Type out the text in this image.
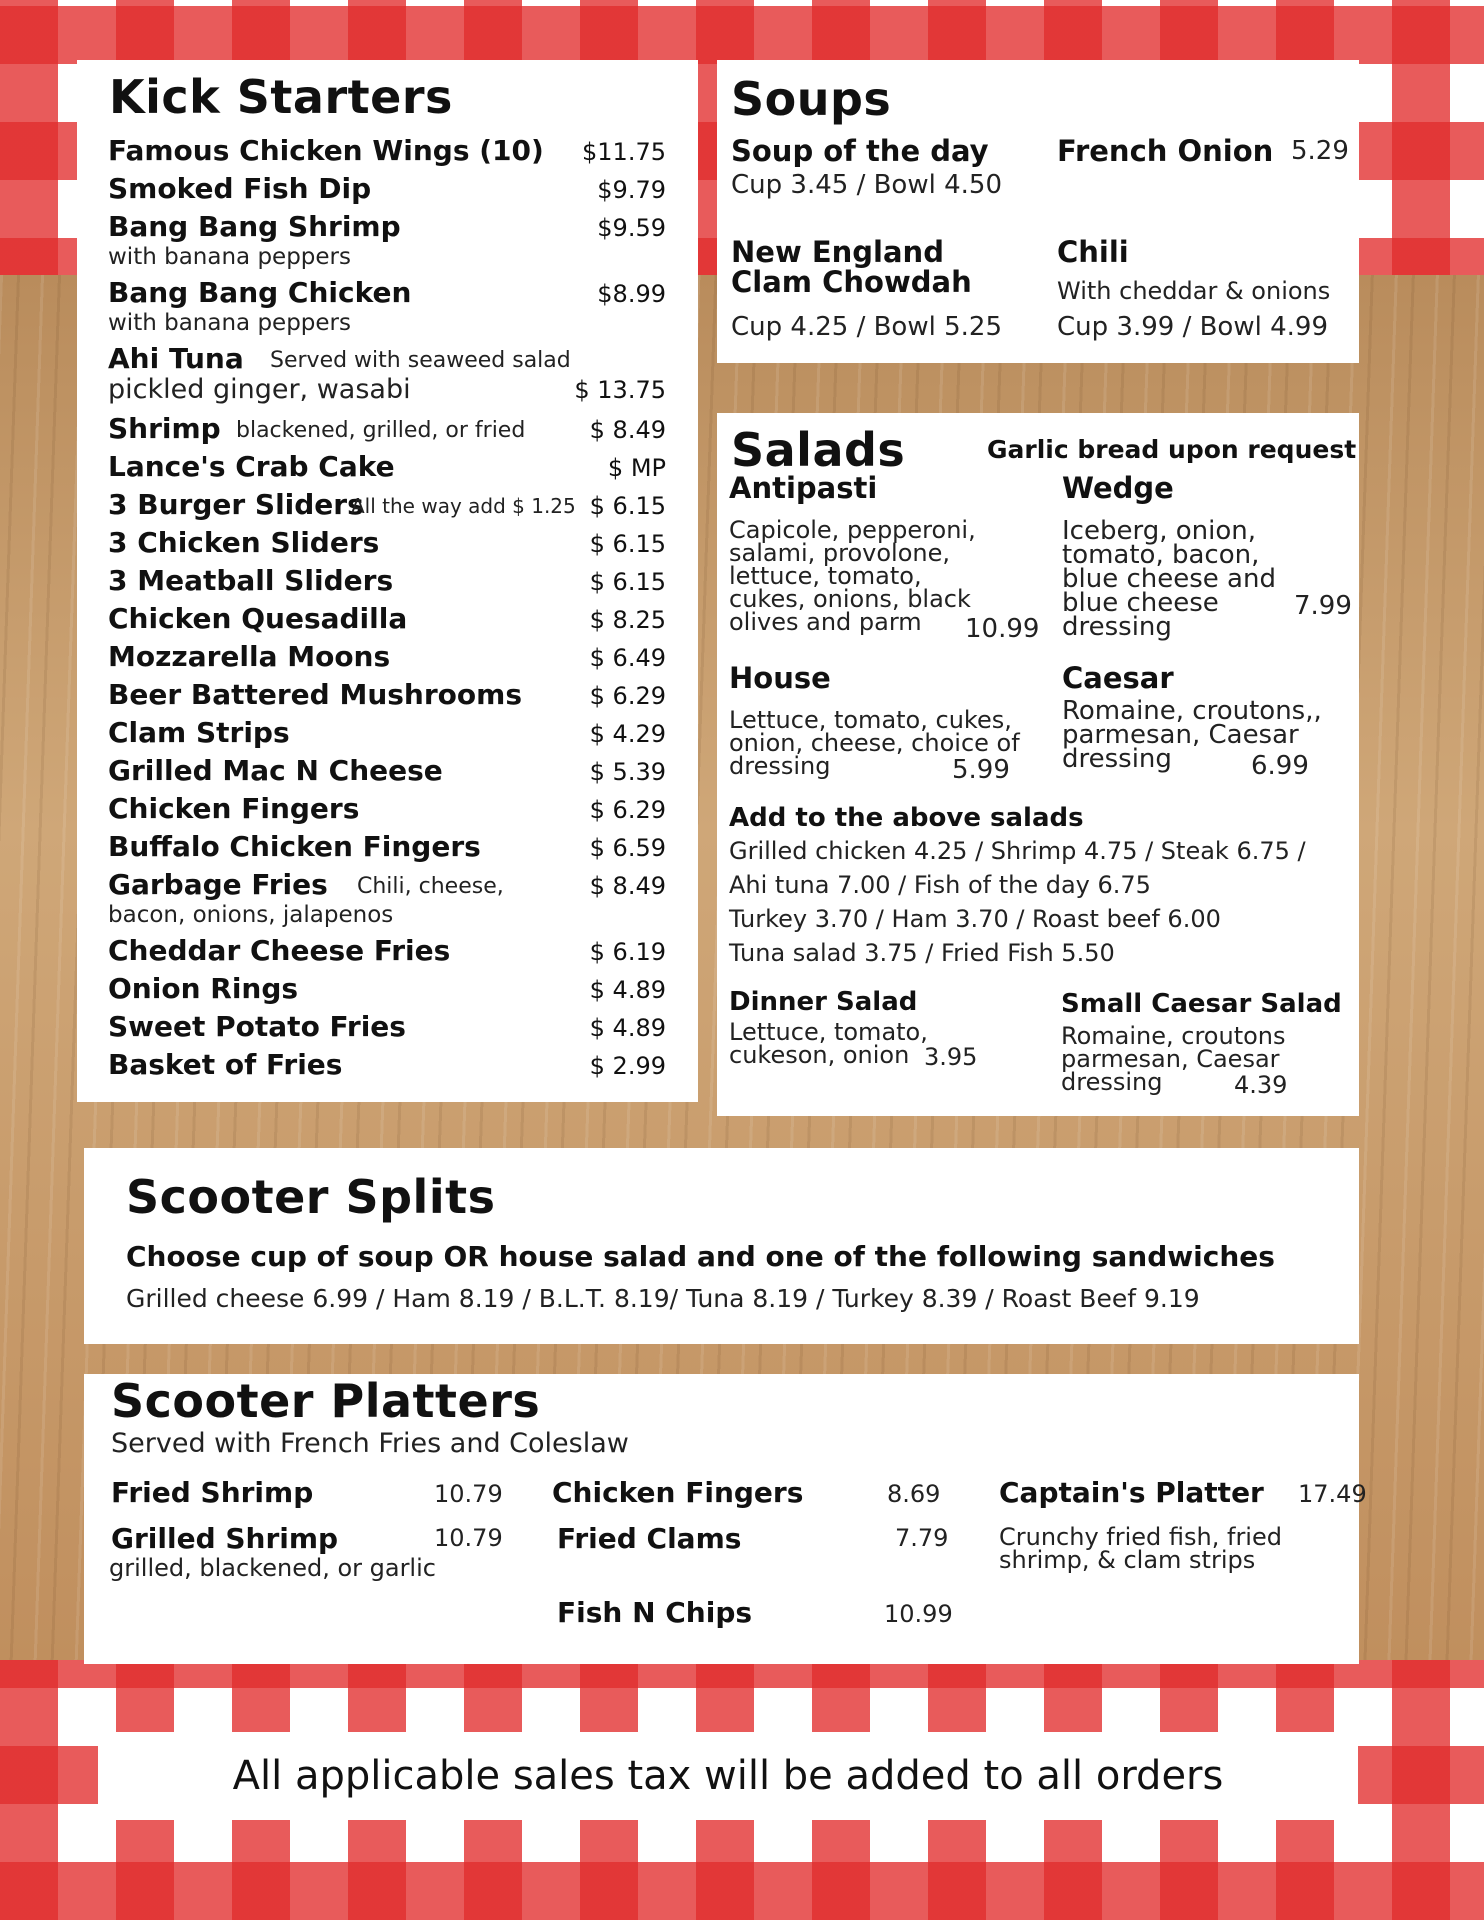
Kick Starters
Famous Chicken Wings (10) $11.75
Smoked Fish Dip	$9.79
Bang Bang Shrimp	$9.59
with banana peppers
Bang Bang Chicken	$8.99
with banana peppers
Ahi Tuna Served with seaweed salad
$ 13.75
pickled ginger, wasabi
Shrimp blackened, grilled, or fried	$ 8.49
Lance's Crab Cake	$ MP
3 Burger Sliders
All the way add $ 1.25 $ 6.15
3 Chicken Sliders	$ 6.15
3 Meatball Sliders	$ 6.15
Chicken Quesadilla	$ 8.25
Mozzarella Moons	$ 6.49
Beer Battered Mushrooms	$ 6.29
Clam Strips	$ 4.29
Grilled Mac N Cheese	$ 5.39
Chicken Fingers	$ 6.29
Buffalo Chicken Fingers	$ 6.59
Garbage Fries Chili, cheese,	$ 8.49
bacon, onions, jalapenos
Cheddar Cheese Fries	$ 6.19
Onion Rings	$ 4.89
Sweet Potato Fries	$ 4.89
Basket of Fries	$ 2.99
Soups
Soup of the day
Cup 3.45 / Bowl 4.50
French Onion 5.29
New England
Clam Chowdah
Cup 4.25 / Bowl 5.25
Chili
With cheddar & onions
Cup 3.99 / Bowl 4.99
Salads	Garlic bread upon request
Antipasti
Capicole, pepperoni, salami, provolone, lettuce, tomato, cukes, onions, black olives and parm	10.99
Wedge
Iceberg, onion, tomato, bacon, blue cheese and blue cheese dressing
7.99
House
Lettuce, tomato, cukes, onion, cheese, choice of dressing	5.99
Caesar
Romaine, croutons,, parmesan, Caesar dressing	6.99
Add to the above salads
Grilled chicken 4.25 / Shrimp 4.75 / Steak 6.75 /
Ahi tuna 7.00 / Fish of the day 6.75
Turkey 3.70 / Ham 3.70 / Roast beef 6.00
Tuna salad 3.75 / Fried Fish 5.50
Dinner Salad
Lettuce, tomato, cukeson, onion 3.95
Small Caesar Salad
Romaine, croutons parmesan, Caesar dressing	4.39
Scooter Splits
Choose cup of soup OR house salad and one of the following sandwiches
Grilled cheese 6.99 / Ham 8.19 / B.L.T. 8.19/ Tuna 8.19 / Turkey 8.39 / Roast Beef 9.19
Scooter Platters
Served with French Fries and Coleslaw
Fried Shrimp	10.79
Grilled Shrimp	10.79
grilled, blackened, or garlic
Chicken Fingers	8.69
Fried Clams	7.79
Fish N Chips	10.99
Captain's Platter 17.49
Crunchy fried fish, fried shrimp, & clam strips
All applicable sales tax will be added to all orders
